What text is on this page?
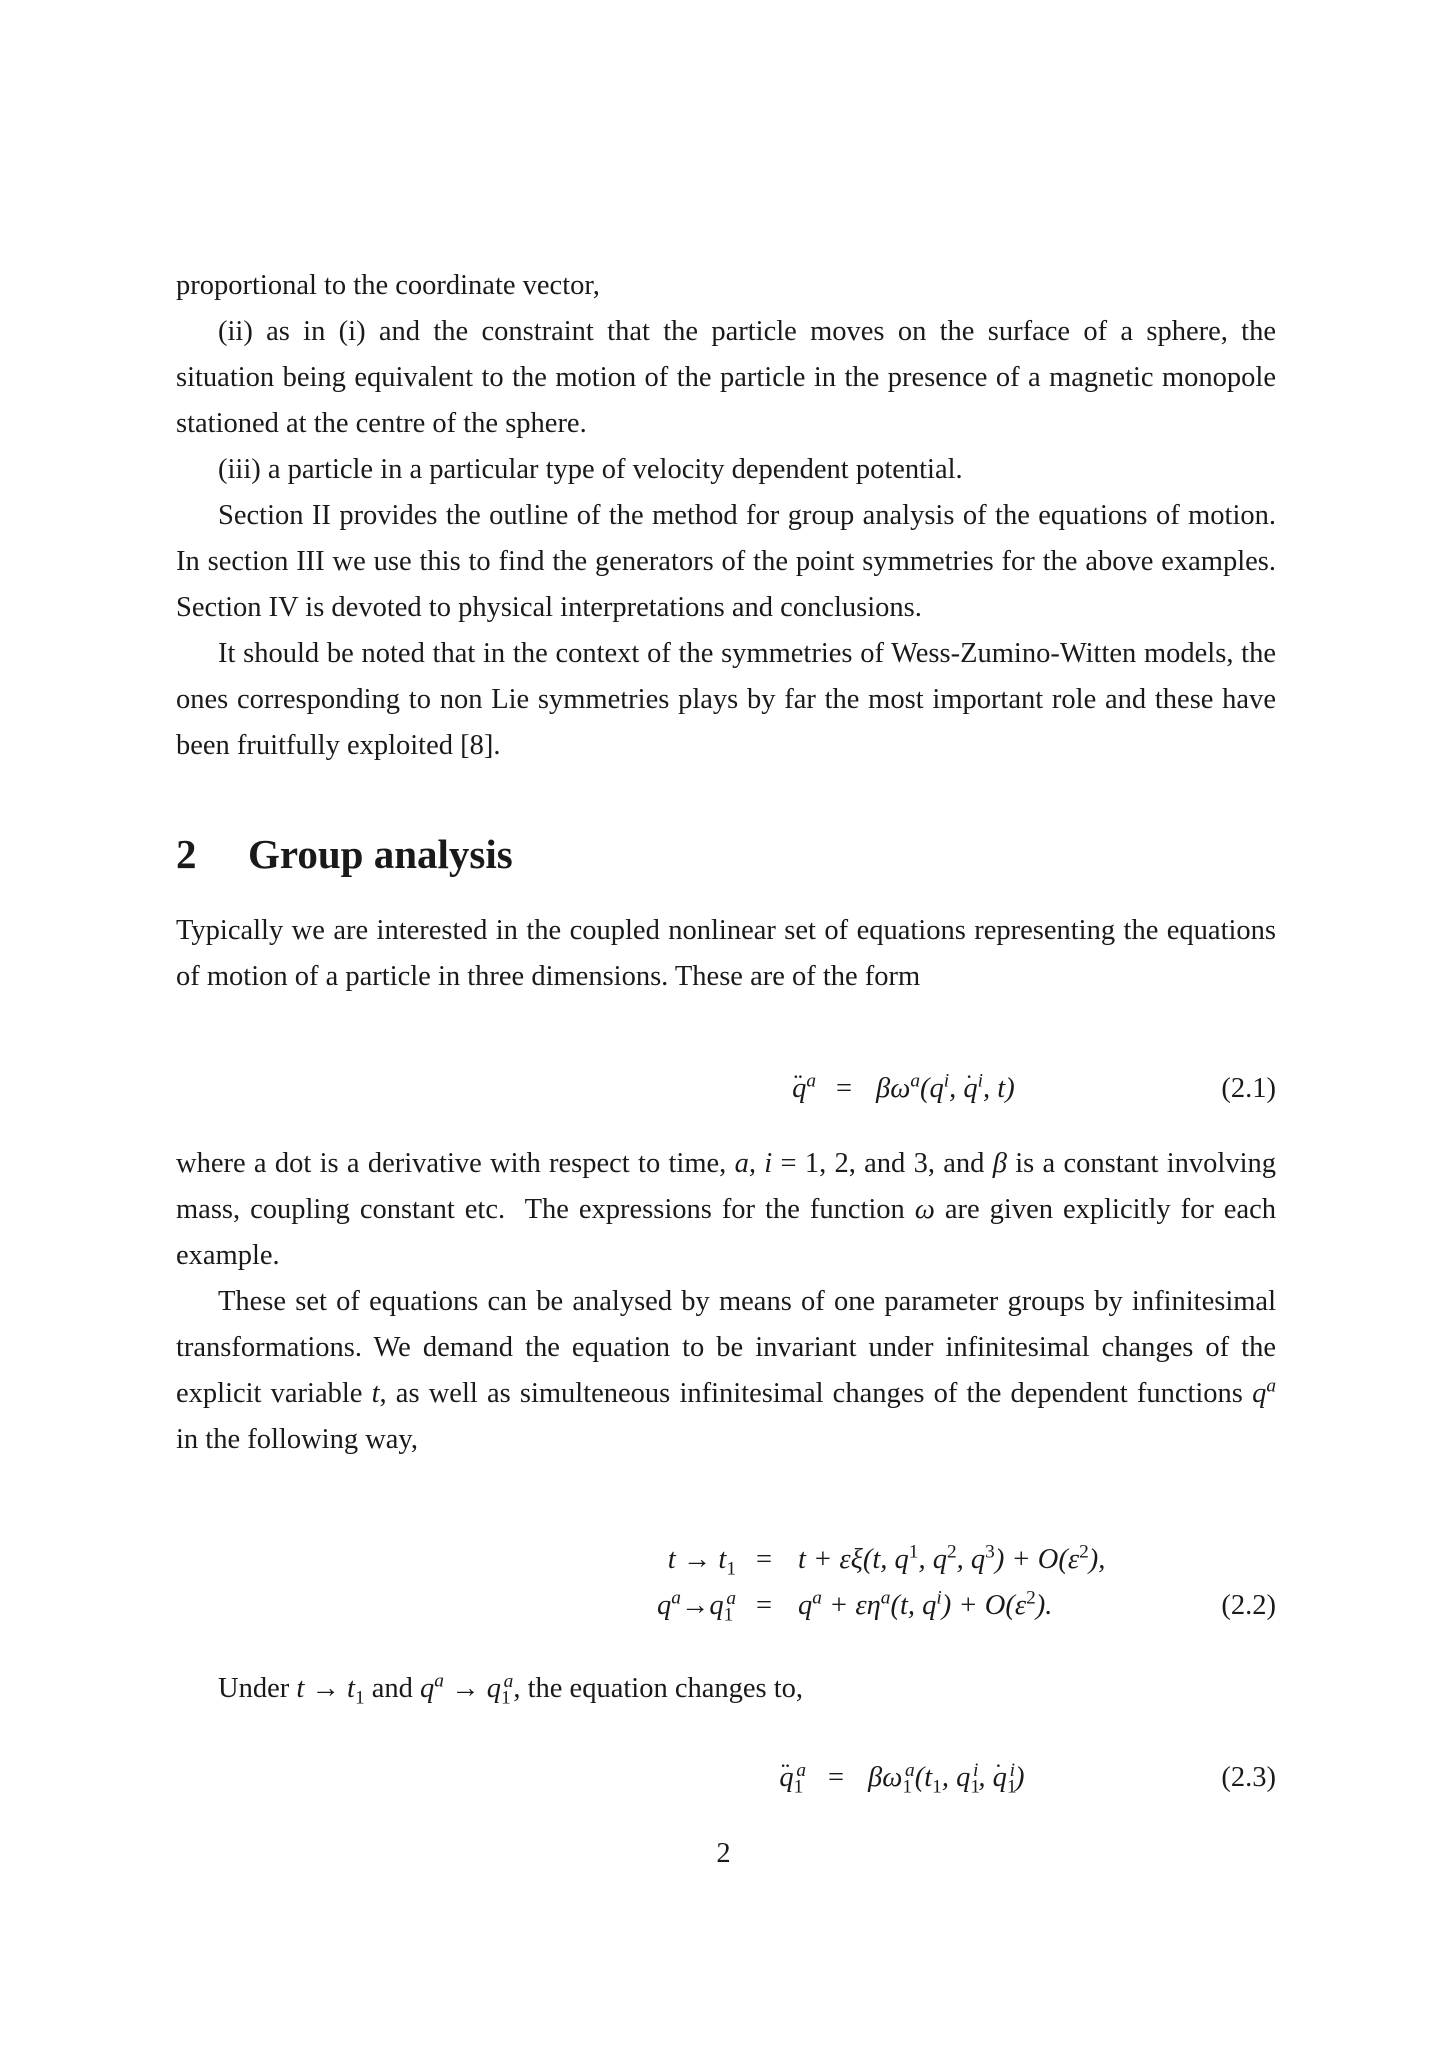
proportional to the coordinate vector,

(ii) as in (i) and the constraint that the particle moves on the surface of a sphere, the situation being equivalent to the motion of the particle in the presence of a magnetic monopole stationed at the centre of the sphere.

(iii) a particle in a particular type of velocity dependent potential.

Section II provides the outline of the method for group analysis of the equations of motion. In section III we use this to find the generators of the point symmetries for the above examples. Section IV is devoted to physical interpretations and conclusions.

It should be noted that in the context of the symmetries of Wess-Zumino-Witten models, the ones corresponding to non Lie symmetries plays by far the most important role and these have been fruitfully exploited [8].

2 Group analysis

Typically we are interested in the coupled nonlinear set of equations representing the equations of motion of a particle in three dimensions. These are of the form

.. $q^a = \beta\omega^a(q^i$, . $q^i$, t)	(2.1)

where a dot is a derivative with respect to time, a, i = 1, 2, and 3, and β is a constant involving mass, coupling constant etc.  The expressions for the function ω are given explicitly for each example.

These set of equations can be analysed by means of one parameter groups by infinitesimal transformations. We demand the equation to be invariant under infinitesimal changes of the explicit variable t, as well as simulteneous infinitesimal changes of the dependent functions $q^a$ in the following way,

$t \to t_1 = t + \varepsilon\xi(t$, $q^1$, $q^2$, $q^3) + O(\varepsilon^2)$,
$q^a\to q_1^a = q^a + \varepsilon\eta^a(t$, $q^i) + O(\varepsilon^2)$.	(2.2)
Under $t \to t_1$ and $q^a \to q_1^a$, the equation changes to,
.. $q_1^a = \beta\omega_1^a(t_1$, $q_1^i$, . $q_1^i$)	(2.3)
2
